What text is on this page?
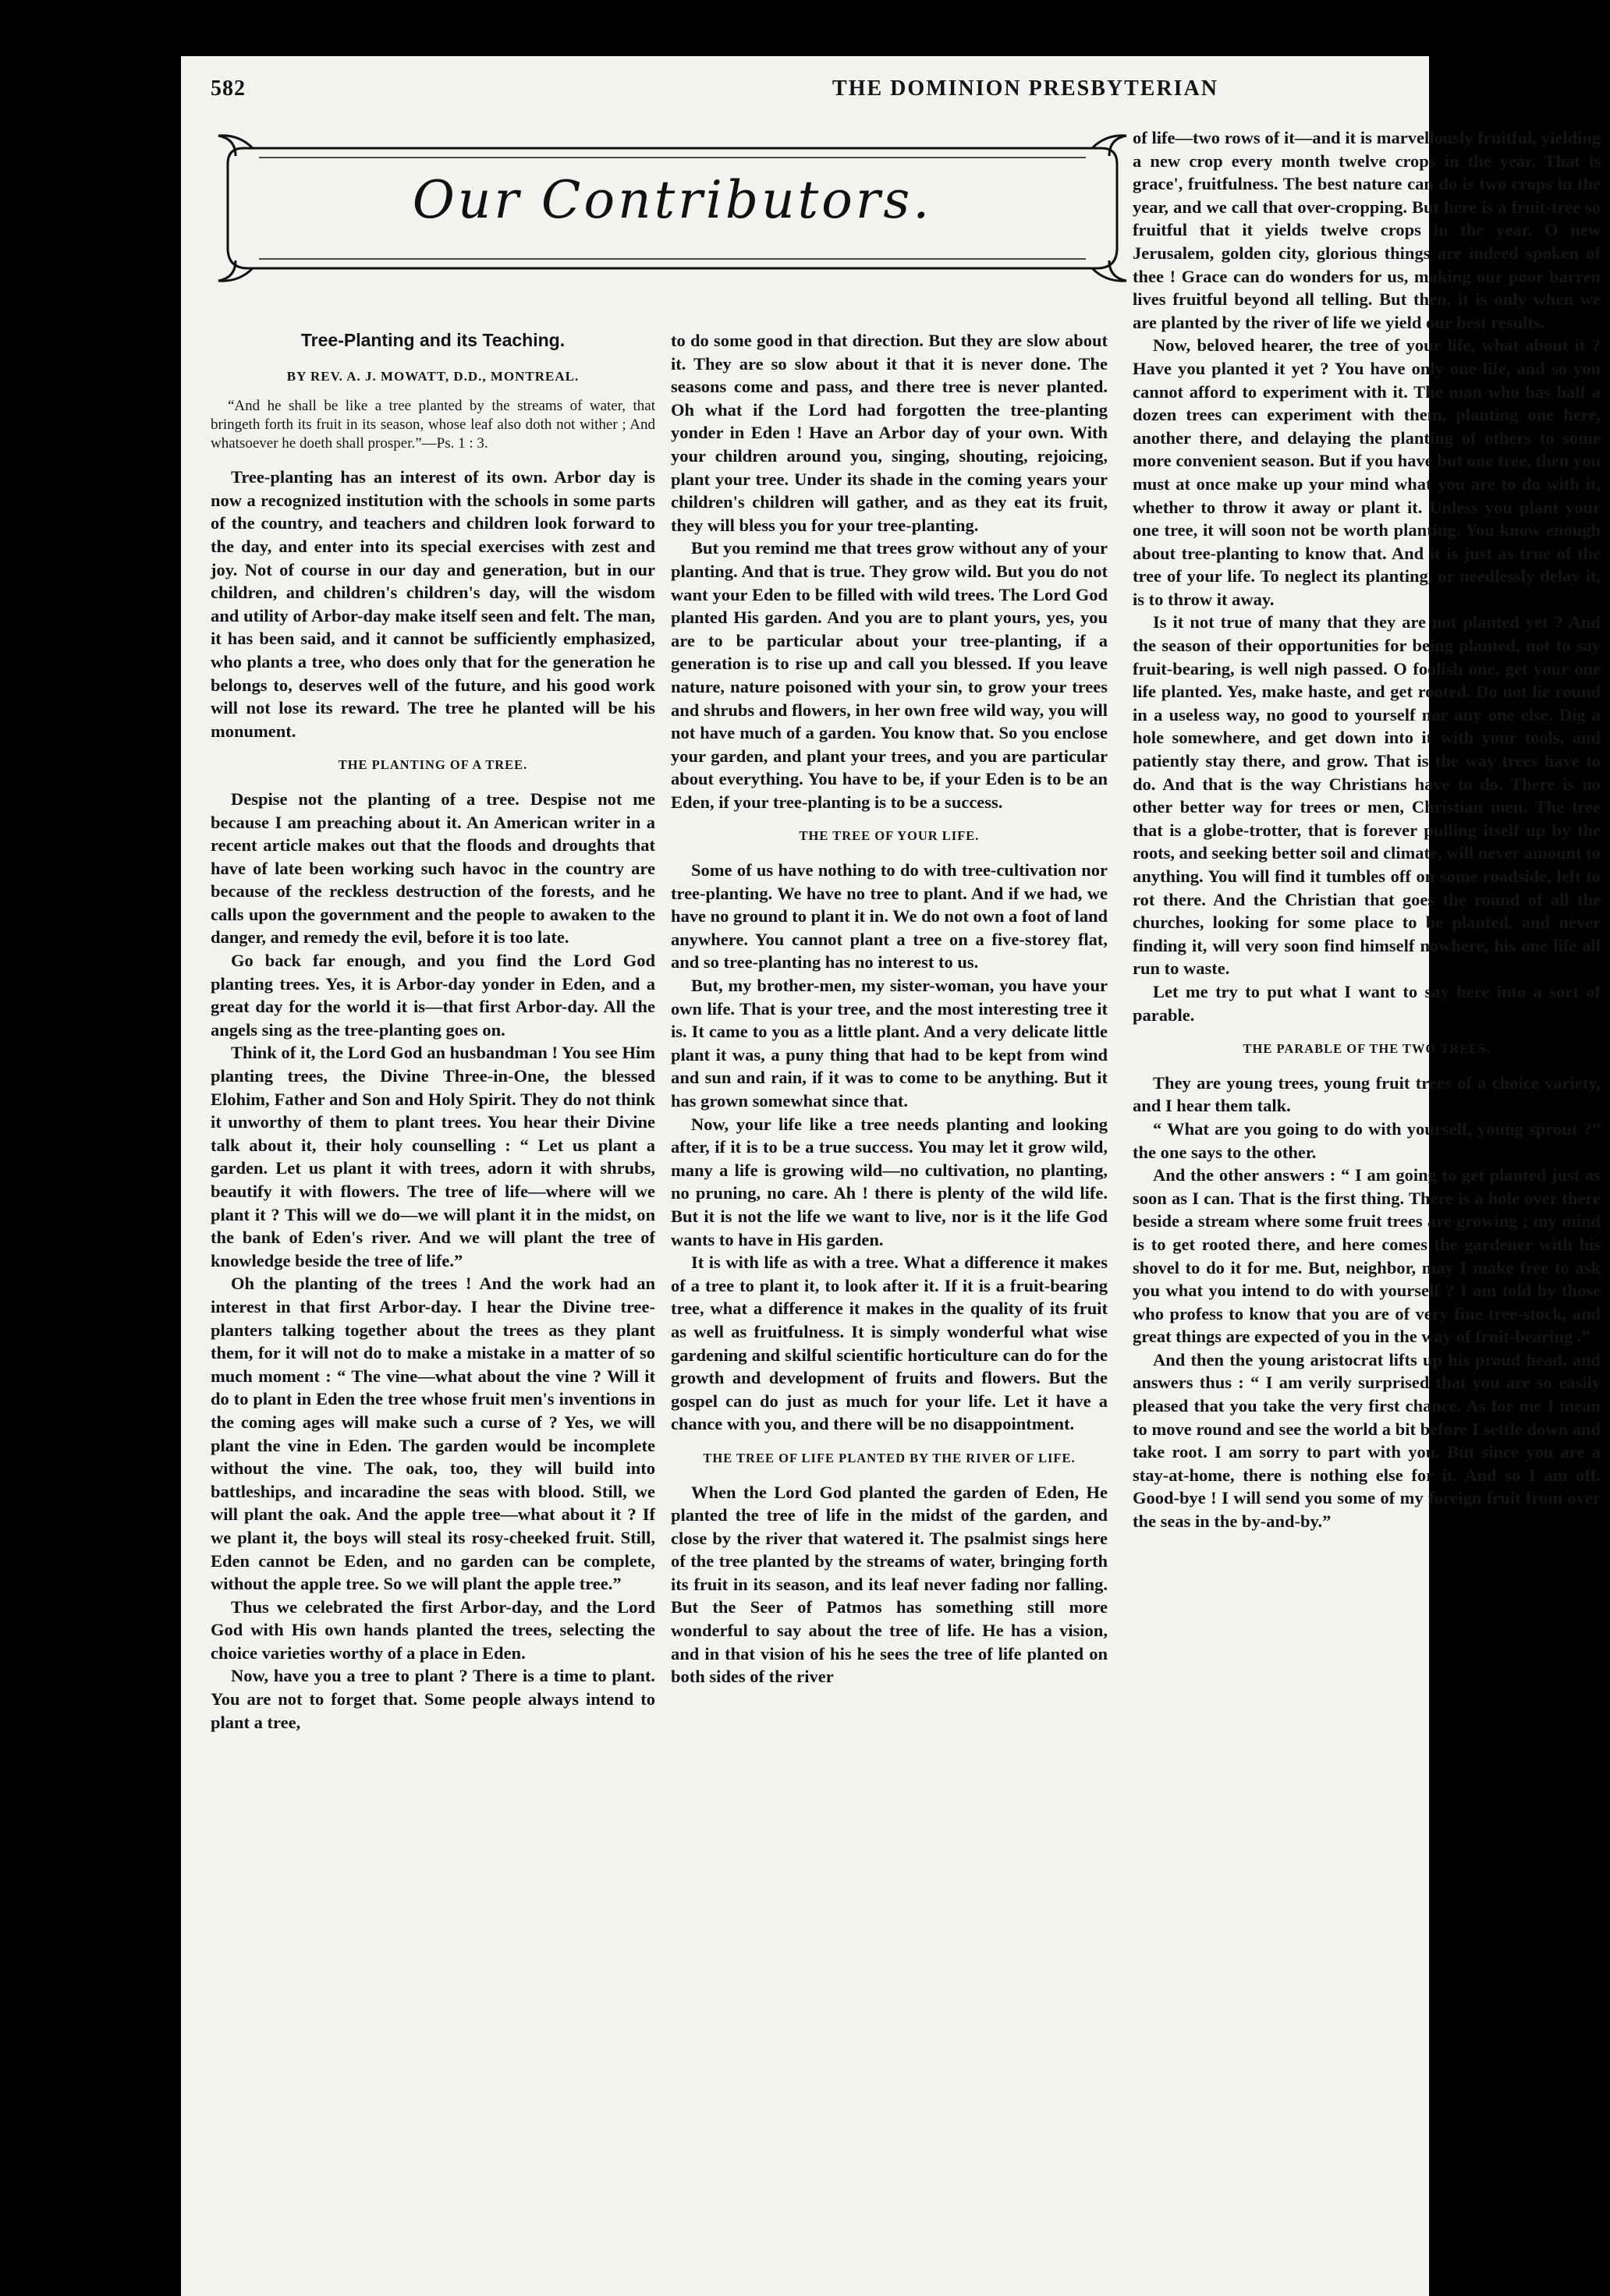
582	THE DOMINION PRESBYTERIAN
Our Contributors.
Tree-Planting and its Teaching.
BY REV. A. J. MOWATT, D.D., MONTREAL.
“And he shall be like a tree planted by the streams of water, that bringeth forth its fruit in its season, whose leaf also doth not wither ; And whatsoever he doeth shall prosper.”—Ps. 1 : 3.

Tree-planting has an interest of its own. Arbor day is now a recognized institution with the schools in some parts of the country, and teachers and children look forward to the day, and enter into its special exercises with zest and joy. Not of course in our day and generation, but in our children, and children's children's day, will the wisdom and utility of Arbor-day make itself seen and felt. The man, it has been said, and it cannot be sufficiently emphasized, who plants a tree, who does only that for the generation he belongs to, deserves well of the future, and his good work will not lose its reward. The tree he planted will be his monument.

THE PLANTING OF A TREE.

Despise not the planting of a tree. Despise not me because I am preaching about it. An American writer in a recent article makes out that the floods and droughts that have of late been working such havoc in the country are because of the reckless destruction of the forests, and he calls upon the government and the people to awaken to the danger, and remedy the evil, before it is too late.

Go back far enough, and you find the Lord God planting trees. Yes, it is Arbor-day yonder in Eden, and a great day for the world it is—that first Arbor-day. All the angels sing as the tree-planting goes on.

Think of it, the Lord God an husbandman ! You see Him planting trees, the Divine Three-in-One, the blessed Elohim, Father and Son and Holy Spirit. They do not think it unworthy of them to plant trees. You hear their Divine talk about it, their holy counselling : “ Let us plant a garden. Let us plant it with trees, adorn it with shrubs, beautify it with flowers. The tree of life—where will we plant it ? This will we do—we will plant it in the midst, on the bank of Eden's river. And we will plant the tree of knowledge beside the tree of life.”

Oh the planting of the trees ! And the work had an interest in that first Arbor-day. I hear the Divine tree-planters talking together about the trees as they plant them, for it will not do to make a mistake in a matter of so much moment : “ The vine—what about the vine ? Will it do to plant in Eden the tree whose fruit men's inventions in the coming ages will make such a curse of ? Yes, we will plant the vine in Eden. The garden would be incomplete without the vine. The oak, too, they will build into battleships, and incaradine the seas with blood. Still, we will plant the oak. And the apple tree—what about it ? If we plant it, the boys will steal its rosy-cheeked fruit. Still, Eden cannot be Eden, and no garden can be complete, without the apple tree. So we will plant the apple tree.”

Thus we celebrated the first Arbor-day, and the Lord God with His own hands planted the trees, selecting the choice varieties worthy of a place in Eden.

Now, have you a tree to plant ? There is a time to plant. You are not to forget that. Some people always intend to plant a tree,

to do some good in that direction. But they are slow about it. They are so slow about it that it is never done. The seasons come and pass, and there tree is never planted. Oh what if the Lord had forgotten the tree-planting yonder in Eden ! Have an Arbor day of your own. With your children around you, singing, shouting, rejoicing, plant your tree. Under its shade in the coming years your children's children will gather, and as they eat its fruit, they will bless you for your tree-planting.

But you remind me that trees grow without any of your planting. And that is true. They grow wild. But you do not want your Eden to be filled with wild trees. The Lord God planted His garden. And you are to plant yours, yes, you are to be particular about your tree-planting, if a generation is to rise up and call you blessed. If you leave nature, nature poisoned with your sin, to grow your trees and shrubs and flowers, in her own free wild way, you will not have much of a garden. You know that. So you enclose your garden, and plant your trees, and you are particular about everything. You have to be, if your Eden is to be an Eden, if your tree-planting is to be a success.

THE TREE OF YOUR LIFE.

Some of us have nothing to do with tree-cultivation nor tree-planting. We have no tree to plant. And if we had, we have no ground to plant it in. We do not own a foot of land anywhere. You cannot plant a tree on a five-storey flat, and so tree-planting has no interest to us.

But, my brother-men, my sister-woman, you have your own life. That is your tree, and the most interesting tree it is. It came to you as a little plant. And a very delicate little plant it was, a puny thing that had to be kept from wind and sun and rain, if it was to come to be anything. But it has grown somewhat since that.

Now, your life like a tree needs planting and looking after, if it is to be a true success. You may let it grow wild, many a life is growing wild—no cultivation, no planting, no pruning, no care. Ah ! there is plenty of the wild life. But it is not the life we want to live, nor is it the life God wants to have in His garden.

It is with life as with a tree. What a difference it makes of a tree to plant it, to look after it. If it is a fruit-bearing tree, what a difference it makes in the quality of its fruit as well as fruitfulness. It is simply wonderful what wise gardening and skilful scientific horticulture can do for the growth and development of fruits and flowers. But the gospel can do just as much for your life. Let it have a chance with you, and there will be no disappointment.

THE TREE OF LIFE PLANTED BY THE RIVER OF LIFE.

When the Lord God planted the garden of Eden, He planted the tree of life in the midst of the garden, and close by the river that watered it. The psalmist sings here of the tree planted by the streams of water, bringing forth its fruit in its season, and its leaf never fading nor falling. But the Seer of Patmos has something still more wonderful to say about the tree of life. He has a vision, and in that vision of his he sees the tree of life planted on both sides of the river

of life—two rows of it—and it is marvellously fruitful, yielding a new crop every month twelve crops in the year. That is grace', fruitfulness. The best nature can do is two crops in the year, and we call that over-cropping. But here is a fruit-tree so fruitful that it yields twelve crops in the year. O new Jerusalem, golden city, glorious things are indeed spoken of thee ! Grace can do wonders for us, making our poor barren lives fruitful beyond all telling. But then, it is only when we are planted by the river of life we yield our best results.

Now, beloved hearer, the tree of your life, what about it ? Have you planted it yet ? You have only one life, and so you cannot afford to experiment with it. The man who has half a dozen trees can experiment with them, planting one here, another there, and delaying the planting of others to some more convenient season. But if you have but one tree, then you must at once make up your mind what you are to do with it, whether to throw it away or plant it. Unless you plant your one tree, it will soon not be worth planting. You know enough about tree-planting to know that. And it is just as true of the tree of your life. To neglect its planting, or needlessly delay it, is to throw it away.

Is it not true of many that they are not planted yet ? And the season of their opportunities for being planted, not to say fruit-bearing, is well nigh passed. O foolish one, get your one life planted. Yes, make haste, and get rooted. Do not lie round in a useless way, no good to yourself nor any one else. Dig a hole somewhere, and get down into it with your tools, and patiently stay there, and grow. That is the way trees have to do. And that is the way Christians have to do. There is no other better way for trees or men, Christian men. The tree that is a globe-trotter, that is forever pulling itself up by the roots, and seeking better soil and climate, will never amount to anything. You will find it tumbles off on some roadside, left to rot there. And the Christian that goes the round of all the churches, looking for some place to be planted, and never finding it, will very soon find himself nowhere, his one life all run to waste.

Let me try to put what I want to say here into a sort of parable.

THE PARABLE OF THE TWO TREES.

They are young trees, young fruit trees of a choice variety, and I hear them talk.

“ What are you going to do with yourself, young sprout ?” the one says to the other.

And the other answers : “ I am going to get planted just as soon as I can. That is the first thing. There is a hole over there beside a stream where some fruit trees are growing ; my mind is to get rooted there, and here comes the gardener with his shovel to do it for me. But, neighbor, may I make free to ask you what you intend to do with yourself ? I am told by those who profess to know that you are of very fine tree-stock, and great things are expected of you in the way of fruit-bearing .”

And then the young aristocrat lifts up his proud head, and answers thus : “ I am verily surprised that you are so easily pleased that you take the very first chance. As for me I mean to move round and see the world a bit before I settle down and take root. I am sorry to part with you. But since you are a stay-at-home, there is nothing else for it. And so I am off. Good-bye ! I will send you some of my foreign fruit from over the seas in the by-and-by.”
